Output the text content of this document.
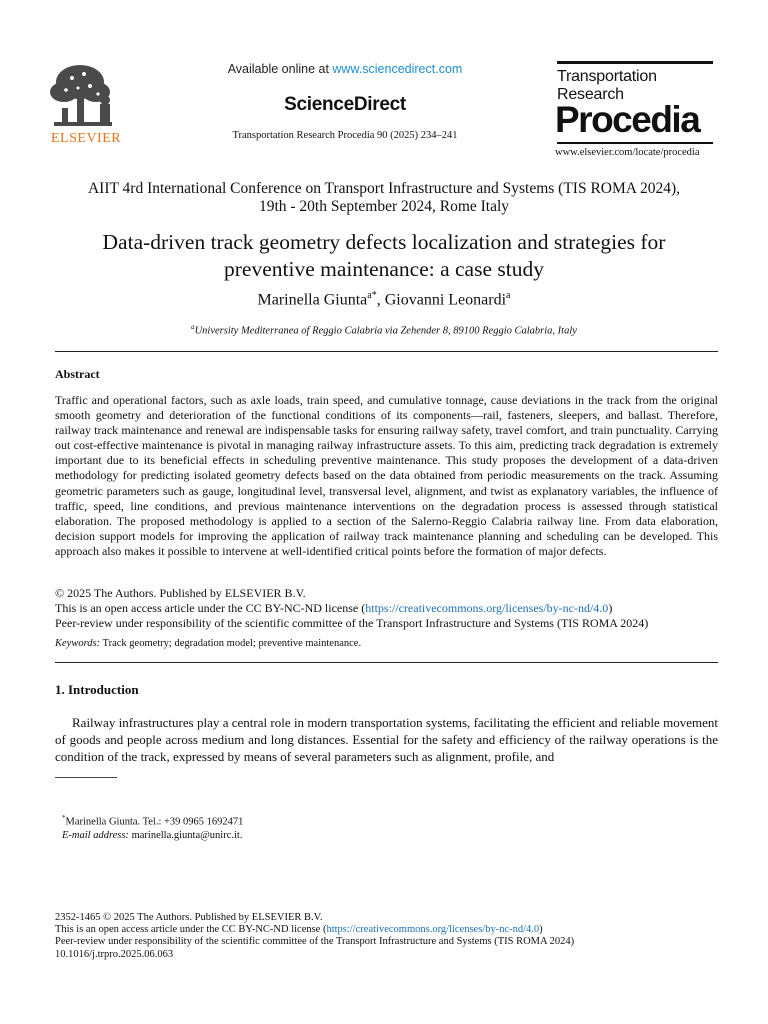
ELSEVIER
Available online at www.sciencedirect.com
ScienceDirect
Transportation Research Procedia 90 (2025) 234–241
Transportation
Research
Procedia
www.elsevier.com/locate/procedia
AIIT 4rd International Conference on Transport Infrastructure and Systems (TIS ROMA 2024),
19th - 20th September 2024, Rome Italy
Data-driven track geometry defects localization and strategies for
preventive maintenance: a case study
Marinella Giunta$^{a*}$, Giovanni Leonardi$^a$
$^a$University Mediterranea of Reggio Calabria via Zehender 8, 89100 Reggio Calabria, Italy
Abstract
Traffic and operational factors, such as axle loads, train speed, and cumulative tonnage, cause deviations in the track from the original smooth geometry and deterioration of the functional conditions of its components—rail, fasteners, sleepers, and ballast. Therefore, railway track maintenance and renewal are indispensable tasks for ensuring railway safety, travel comfort, and train punctuality. Carrying out cost-effective maintenance is pivotal in managing railway infrastructure assets. To this aim, predicting track degradation is extremely important due to its beneficial effects in scheduling preventive maintenance. This study proposes the development of a data-driven methodology for predicting isolated geometry defects based on the data obtained from periodic measurements on the track. Assuming geometric parameters such as gauge, longitudinal level, transversal level, alignment, and twist as explanatory variables, the influence of traffic, speed, line conditions, and previous maintenance interventions on the degradation process is assessed through statistical elaboration. The proposed methodology is applied to a section of the Salerno-Reggio Calabria railway line. From data elaboration, decision support models for improving the application of railway track maintenance planning and scheduling can be developed. This approach also makes it possible to intervene at well-identified critical points before the formation of major defects.
© 2025 The Authors. Published by ELSEVIER B.V.
This is an open access article under the CC BY-NC-ND license (https://creativecommons.org/licenses/by-nc-nd/4.0)
Peer-review under responsibility of the scientific committee of the Transport Infrastructure and Systems (TIS ROMA 2024)
Keywords: Track geometry; degradation model; preventive maintenance.
1. Introduction
Railway infrastructures play a central role in modern transportation systems, facilitating the efficient and reliable movement of goods and people across medium and long distances. Essential for the safety and efficiency of the railway operations is the condition of the track, expressed by means of several parameters such as alignment, profile, and
*Marinella Giunta. Tel.: +39 0965 1692471
E-mail address: marinella.giunta@unirc.it.
2352-1465 © 2025 The Authors. Published by ELSEVIER B.V.
This is an open access article under the CC BY-NC-ND license (https://creativecommons.org/licenses/by-nc-nd/4.0)
Peer-review under responsibility of the scientific committee of the Transport Infrastructure and Systems (TIS ROMA 2024)
10.1016/j.trpro.2025.06.063
